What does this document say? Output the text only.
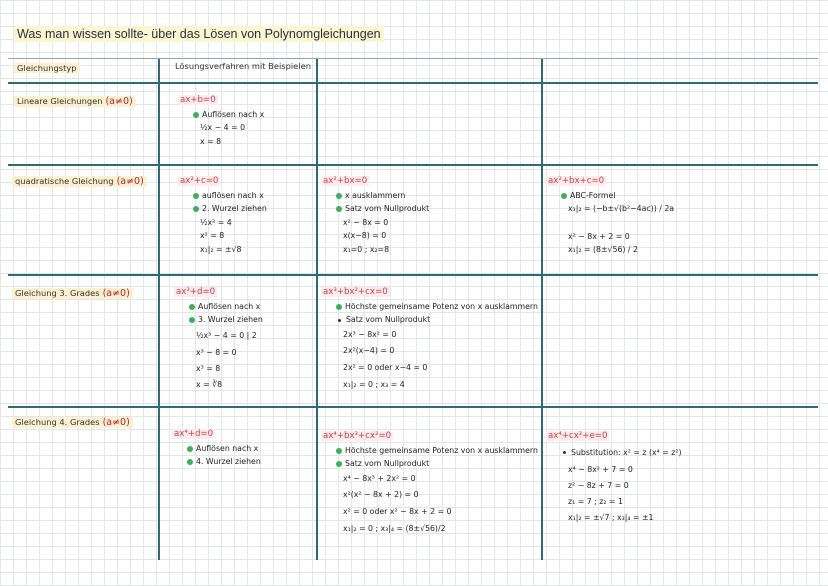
Was man wissen sollte- über das Lösen von Polynomgleichungen
Gleichungstyp	Lösungsverfahren mit Beispielen
Lineare Gleichungen (a≠0)
quadratische Gleichung (a≠0)
Gleichung 3. Grades (a≠0)
Gleichung 4. Grades (a≠0)
ax+b=0
Auflösen nach x
½x − 4 = 0
x = 8
ax²+c=0
auflösen nach x
2. Wurzel ziehen
½x² = 4
x² = 8
x₁|₂ = ±√8
ax²+bx=0
x ausklammern
Satz vom Nullprodukt
x² − 8x = 0
x(x−8) = 0
x₁=0 ; x₂=8
ax²+bx+c=0
ABC-Formel
x₁|₂ = (−b±√(b²−4ac)) / 2a
x² − 8x + 2 = 0
x₁|₂ = (8±√56) / 2
ax³+d=0
Auflösen nach x
3. Wurzel ziehen
½x³ − 4 = 0 | 2
x³ − 8 = 0
x³ = 8
x = ∛8
ax³+bx²+cx=0
Höchste gemeinsame Potenz von x ausklammern
Satz vom Nullprodukt
2x³ − 8x² = 0
2x²(x−4) = 0
2x² = 0 oder x−4 = 0
x₁|₂ = 0 ; x₃ = 4
ax⁴+d=0
Auflösen nach x
4. Wurzel ziehen
ax⁴+bx³+cx²=0
Höchste gemeinsame Potenz von x ausklammern
Satz vom Nullprodukt
x⁴ − 8x³ + 2x² = 0
x²(x² − 8x + 2) = 0
x² = 0 oder x² − 8x + 2 = 0
x₁|₂ = 0 ; x₃|₄ = (8±√56)/2
ax⁴+cx²+e=0
Substitution: x² = z (x⁴ = z²)
x⁴ − 8x² + 7 = 0
z² − 8z + 7 = 0
z₁ = 7 ; z₂ = 1
x₁|₂ = ±√7 ; x₃|₄ = ±1
